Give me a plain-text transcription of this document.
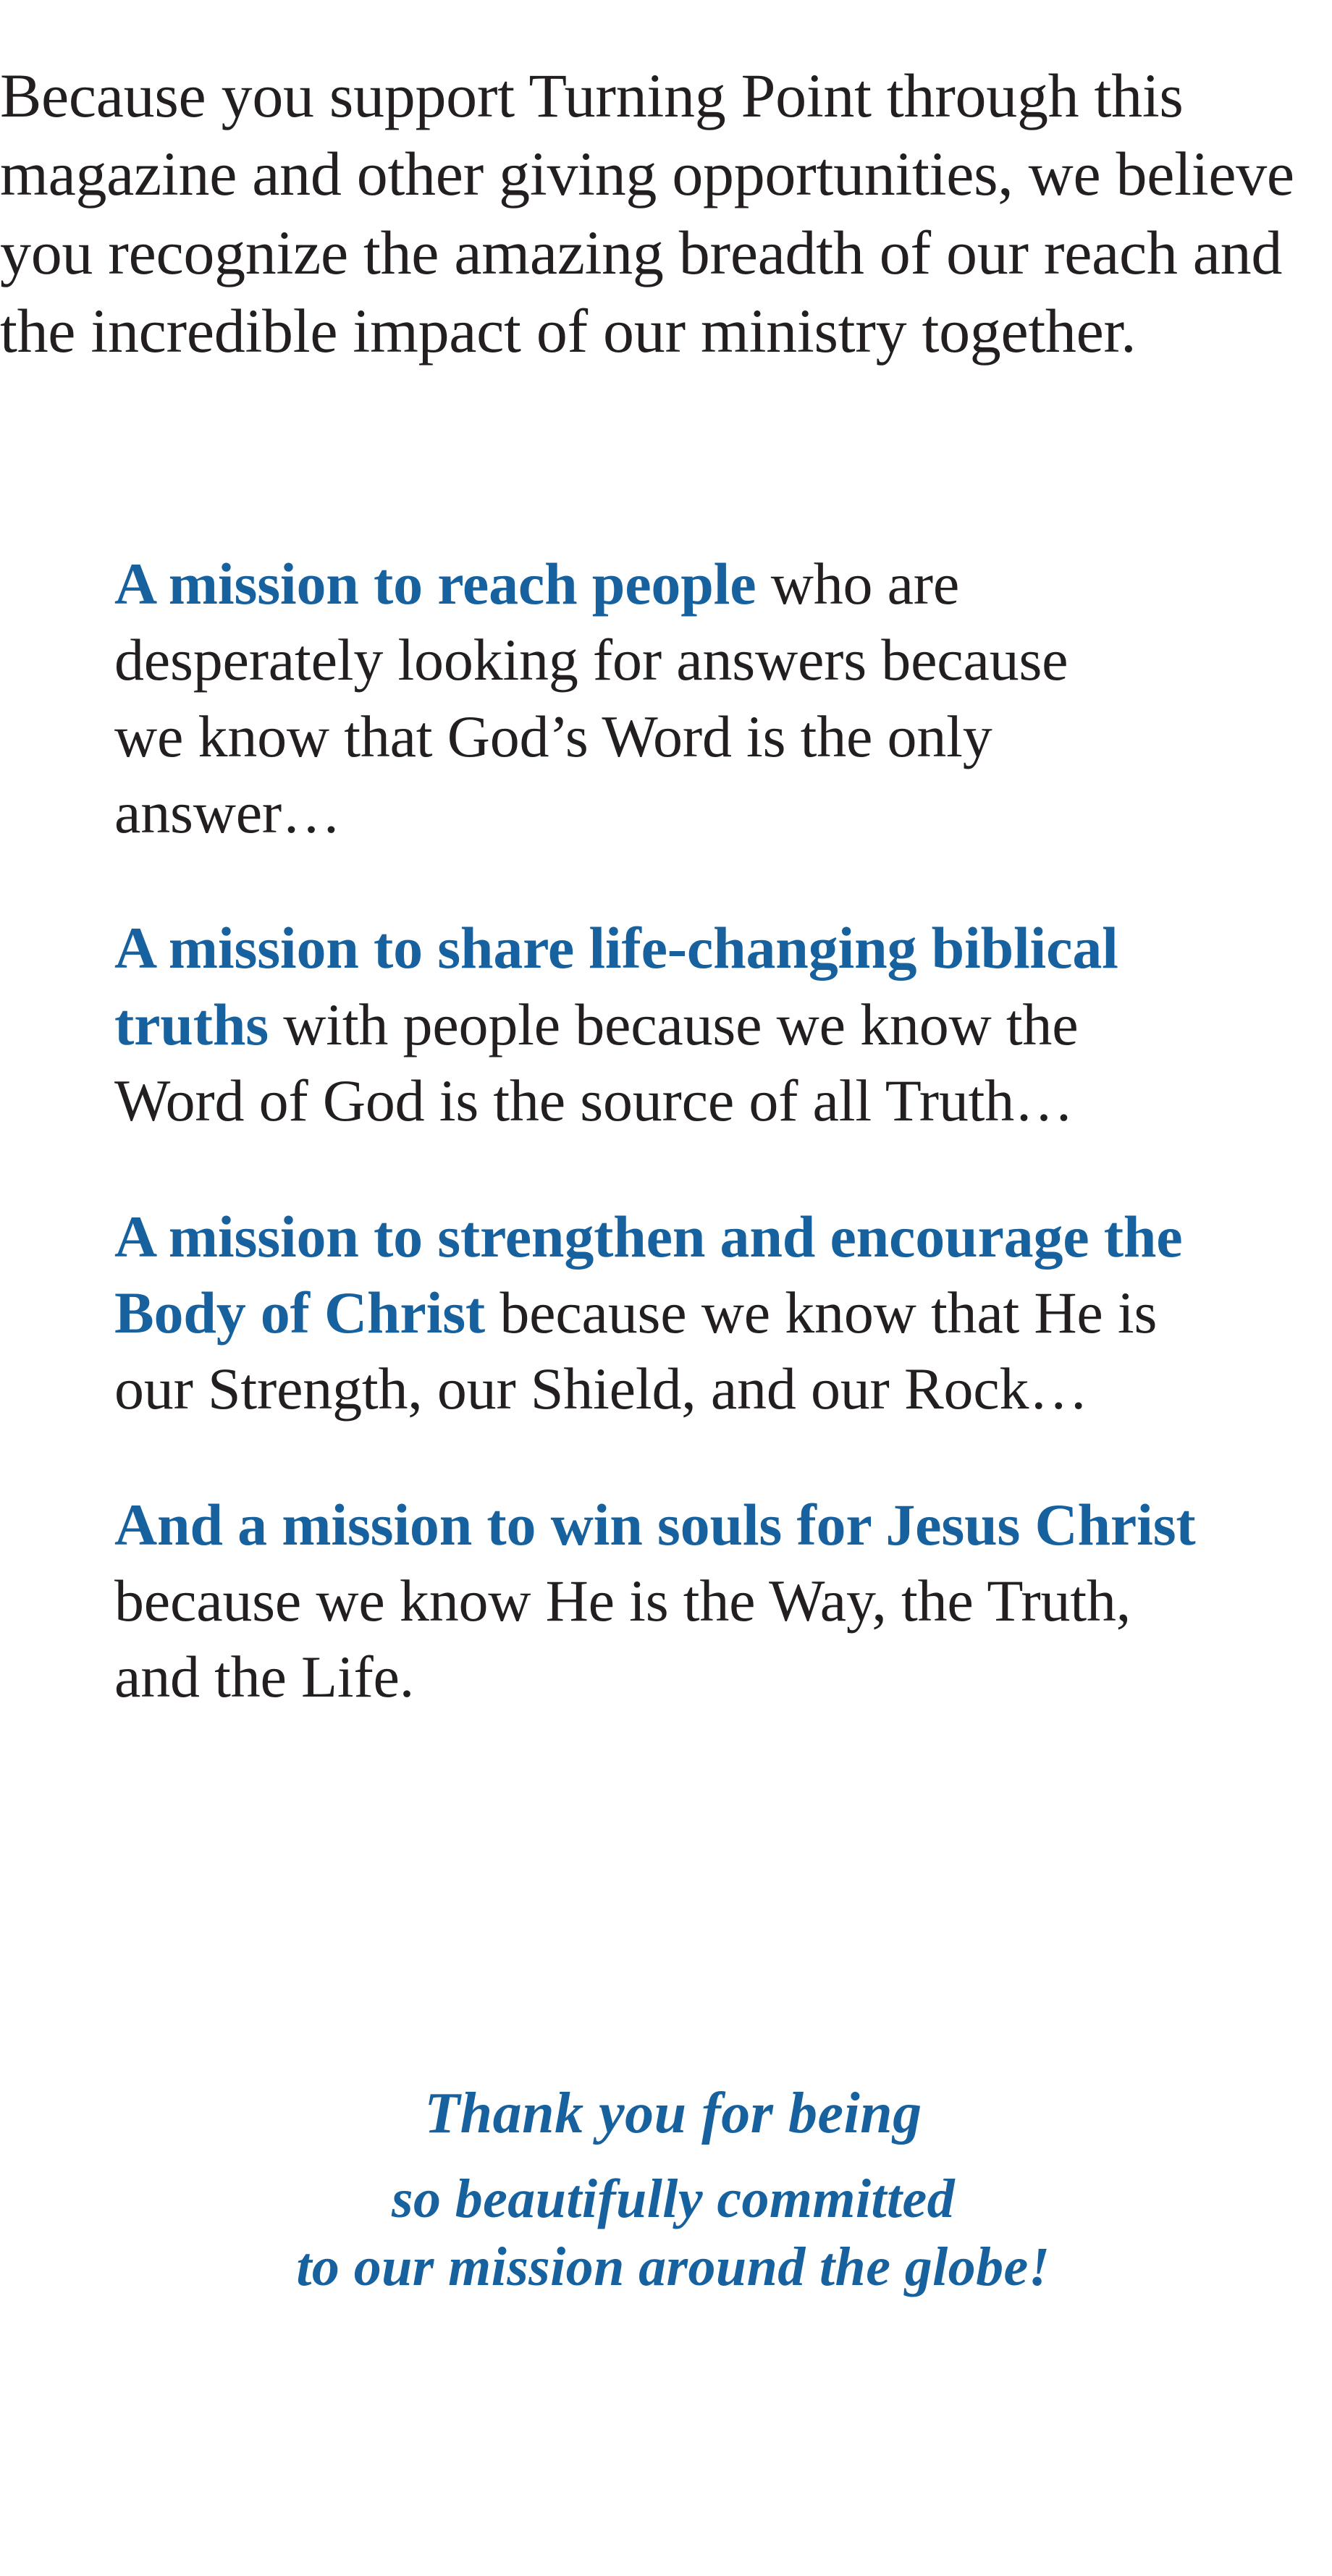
Because you support Turning Point through this magazine and other giving opportunities, we believe you recognize the amazing breadth of our reach and the incredible impact of our ministry together.

A mission to reach people who are desperately looking for answers because we know that God’s Word is the only answer…

A mission to share life-changing biblical truths with people because we know the Word of God is the source of all Truth…

A mission to strengthen and encourage the Body of Christ because we know that He is our Strength, our Shield, and our Rock…

And a mission to win souls for Jesus Christ because we know He is the Way, the Truth, and the Life.

Thank you for being
so beautifully committed
to our mission around the globe!
